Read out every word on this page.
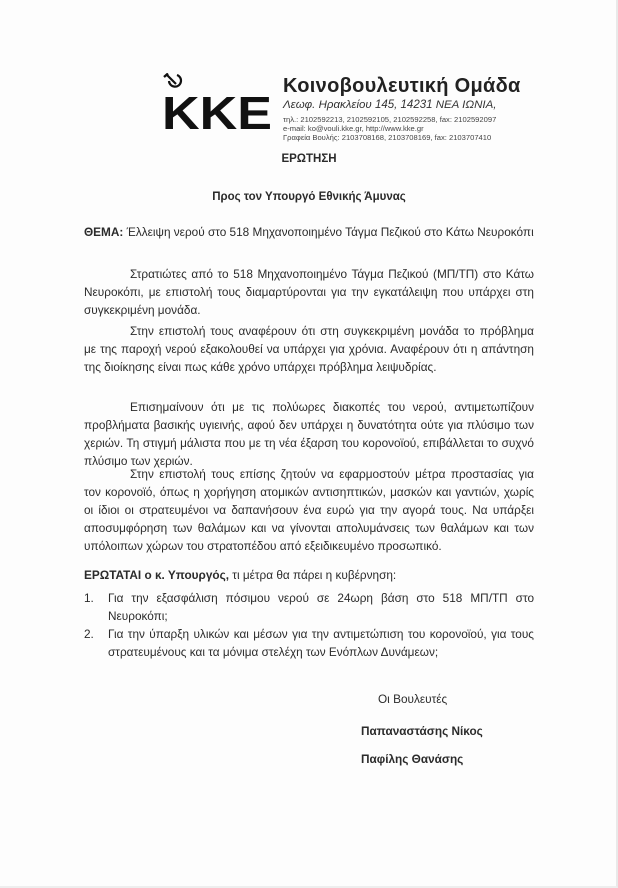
KKE
Κοινοβουλευτική Ομάδα
Λεωφ. Ηρακλείου 145, 14231 ΝΕΑ ΙΩΝΙΑ,
τηλ.: 2102592213, 2102592105, 2102592258, fax: 2102592097
e-mail: ko@vouli.kke.gr, http://www.kke.gr
Γραφεία Βουλής: 2103708168, 2103708169, fax: 2103707410
ΕΡΩΤΗΣΗ
Προς τον Υπουργό Εθνικής Άμυνας
ΘΕΜΑ: Έλλειψη νερού στο 518 Μηχανοποιημένο Τάγμα Πεζικού στο Κάτω Νευροκόπι
Στρατιώτες από το 518 Μηχανοποιημένο Τάγμα Πεζικού (ΜΠ/ΤΠ) στο Κάτω Νευροκόπι, με επιστολή τους διαμαρτύρονται για την εγκατάλειψη που υπάρχει στη συγκεκριμένη μονάδα.
Στην επιστολή τους αναφέρουν ότι στη συγκεκριμένη μονάδα το πρόβλημα με της παροχή νερού εξακολουθεί να υπάρχει για χρόνια. Αναφέρουν ότι η απάντηση της διοίκησης είναι πως κάθε χρόνο υπάρχει πρόβλημα λειψυδρίας.
Επισημαίνουν ότι με τις πολύωρες διακοπές του νερού, αντιμετωπίζουν προβλήματα βασικής υγιεινής, αφού δεν υπάρχει η δυνατότητα ούτε για πλύσιμο των χεριών. Τη στιγμή μάλιστα που με τη νέα έξαρση του κορονοϊού, επιβάλλεται το συχνό πλύσιμο των χεριών.
Στην επιστολή τους επίσης ζητούν να εφαρμοστούν μέτρα προστασίας για τον κορονοϊό, όπως η χορήγηση ατομικών αντισηπτικών, μασκών και γαντιών, χωρίς οι ίδιοι οι στρατευμένοι να δαπανήσουν ένα ευρώ για την αγορά τους. Να υπάρξει αποσυμφόρηση των θαλάμων και να γίνονται απολυμάνσεις των θαλάμων και των υπόλοιπων χώρων του στρατοπέδου από εξειδικευμένο προσωπικό.
ΕΡΩΤΑΤΑΙ ο κ. Υπουργός, τι μέτρα θα πάρει η κυβέρνηση:
1. Για την εξασφάλιση πόσιμου νερού σε 24ωρη βάση στο 518 ΜΠ/ΤΠ στο Νευροκόπι;
2. Για την ύπαρξη υλικών και μέσων για την αντιμετώπιση του κορονοϊού, για τους στρατευμένους και τα μόνιμα στελέχη των Ενόπλων Δυνάμεων;
Οι Βουλευτές
Παπαναστάσης Νίκος
Παφίλης Θανάσης
